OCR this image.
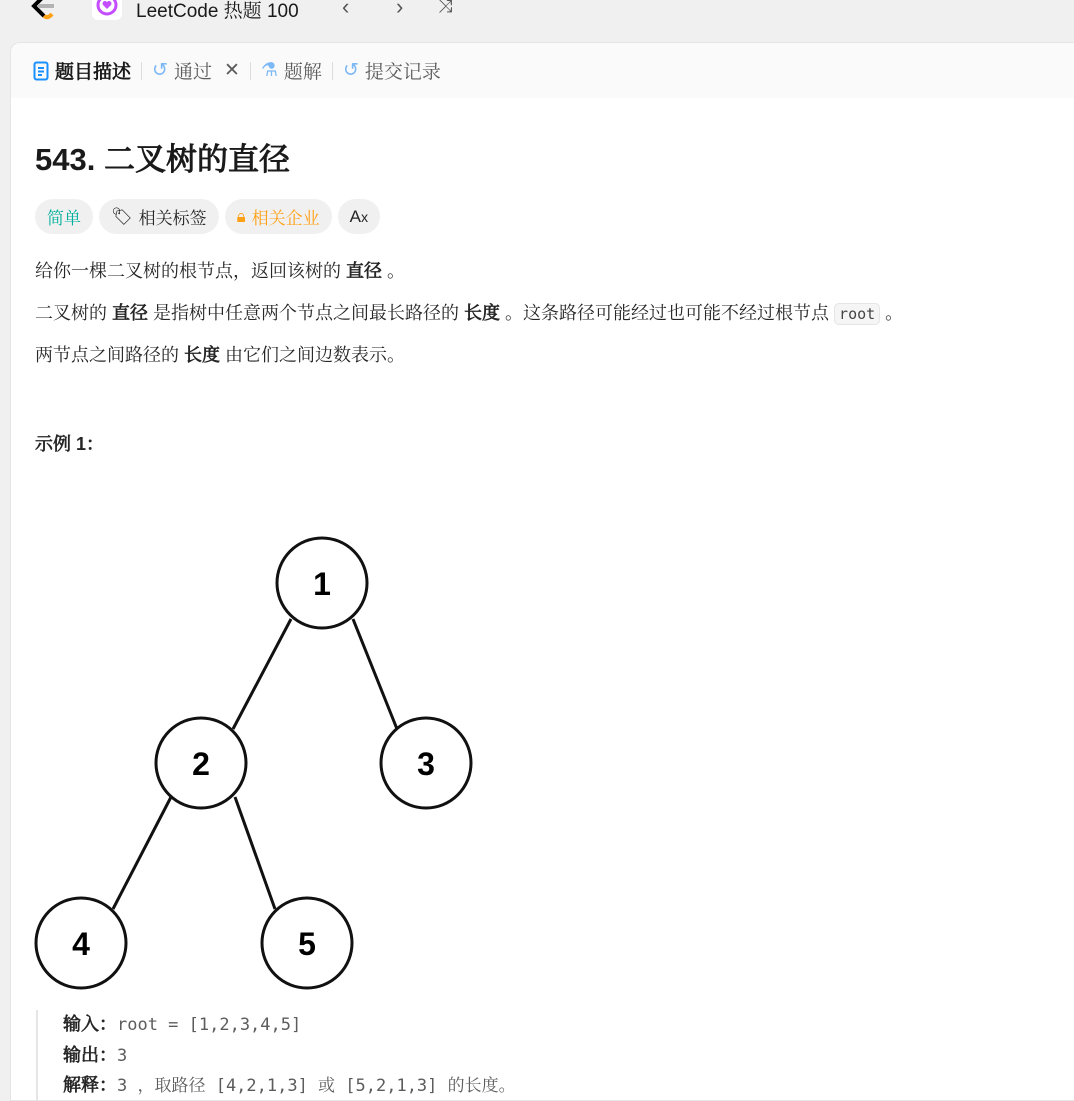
LeetCode 热题 100 ‹ › ⤨
题目描述 ↺ 通过 ✕ ⚗ 题解 ↺ 提交记录
543. 二叉树的直径
简单	🏷︎ 相关标签 🔒︎ 相关企业 Ax

给你一棵二叉树的根节点，返回该树的 直径 。

二叉树的 直径 是指树中任意两个节点之间最长路径的 长度 。这条路径可能经过也可能不经过根节点 root 。

两节点之间路径的 长度 由它们之间边数表示。

示例 1：
1
2	3
4	5
输入：root = [1,2,3,4,5]
输出：3
解释：3 ，取路径 [4,2,1,3] 或 [5,2,1,3] 的长度。
